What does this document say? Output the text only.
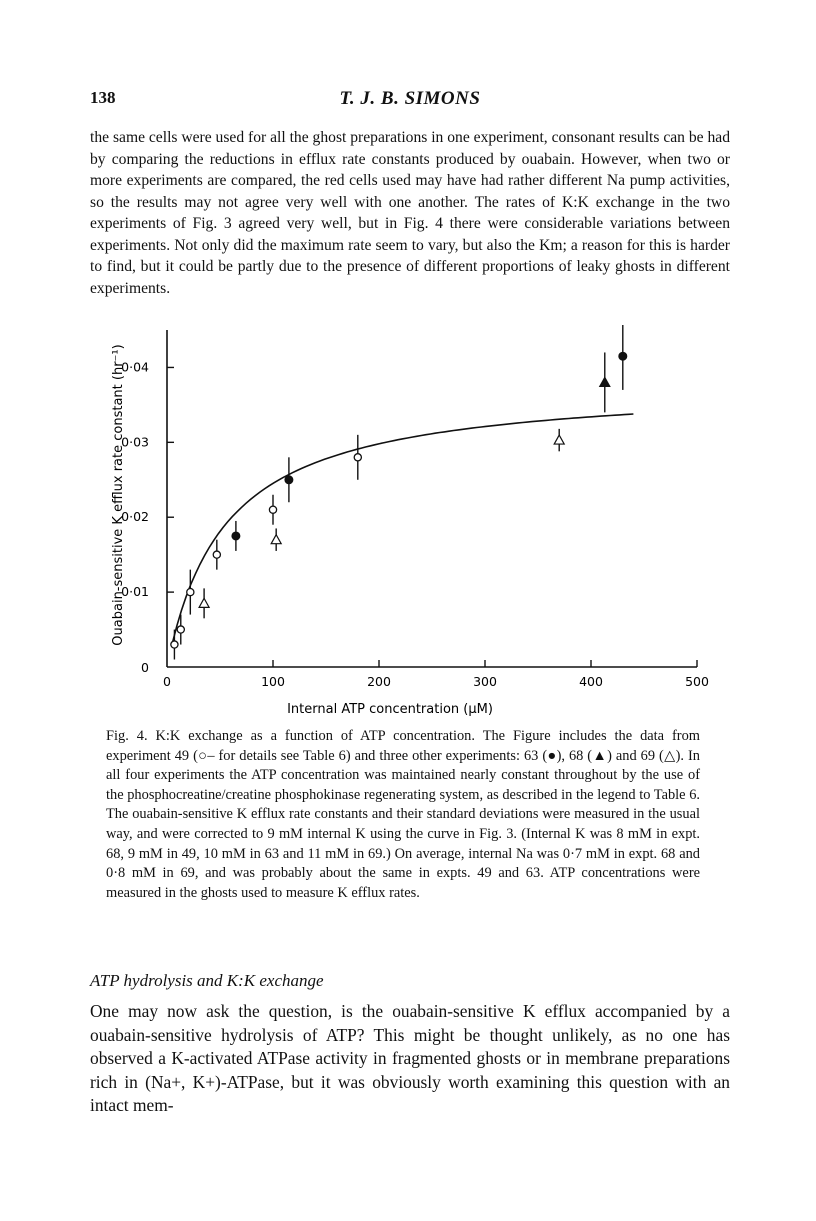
138	T. J. B. SIMONS

the same cells were used for all the ghost preparations in one experiment, consonant results can be had by comparing the reductions in efflux rate constants produced by ouabain. However, when two or more experiments are compared, the red cells used may have had rather different Na pump activities, so the results may not agree very well with one another. The rates of K:K exchange in the two experiments of Fig. 3 agreed very well, but in Fig. 4 there were considerable variations between experiments. Not only did the maximum rate seem to vary, but also the Km; a reason for this is harder to find, but it could be partly due to the presence of different proportions of leaky ghosts in different experiments.

0	100	200	300	400	500
0
0·01
0·02
0·03
0·04
Internal ATP concentration (μM)
Ouabain-sensitive K efflux rate constant (hr⁻¹)

Fig. 4. K:K exchange as a function of ATP concentration. The Figure includes the data from experiment 49 (○– for details see Table 6) and three other experiments: 63 (●), 68 (▲) and 69 (△). In all four experiments the ATP concentration was maintained nearly constant throughout by the use of the phosphocreatine/creatine phosphokinase regenerating system, as described in the legend to Table 6. The ouabain-sensitive K efflux rate constants and their standard deviations were measured in the usual way, and were corrected to 9 mM internal K using the curve in Fig. 3. (Internal K was 8 mM in expt. 68, 9 mM in 49, 10 mM in 63 and 11 mM in 69.) On average, internal Na was 0·7 mM in expt. 68 and 0·8 mM in 69, and was probably about the same in expts. 49 and 63. ATP concentrations were measured in the ghosts used to measure K efflux rates.

ATP hydrolysis and K:K exchange

One may now ask the question, is the ouabain-sensitive K efflux accompanied by a ouabain-sensitive hydrolysis of ATP? This might be thought unlikely, as no one has observed a K-activated ATPase activity in fragmented ghosts or in membrane preparations rich in (Na+, K+)-ATPase, but it was obviously worth examining this question with an intact mem-
